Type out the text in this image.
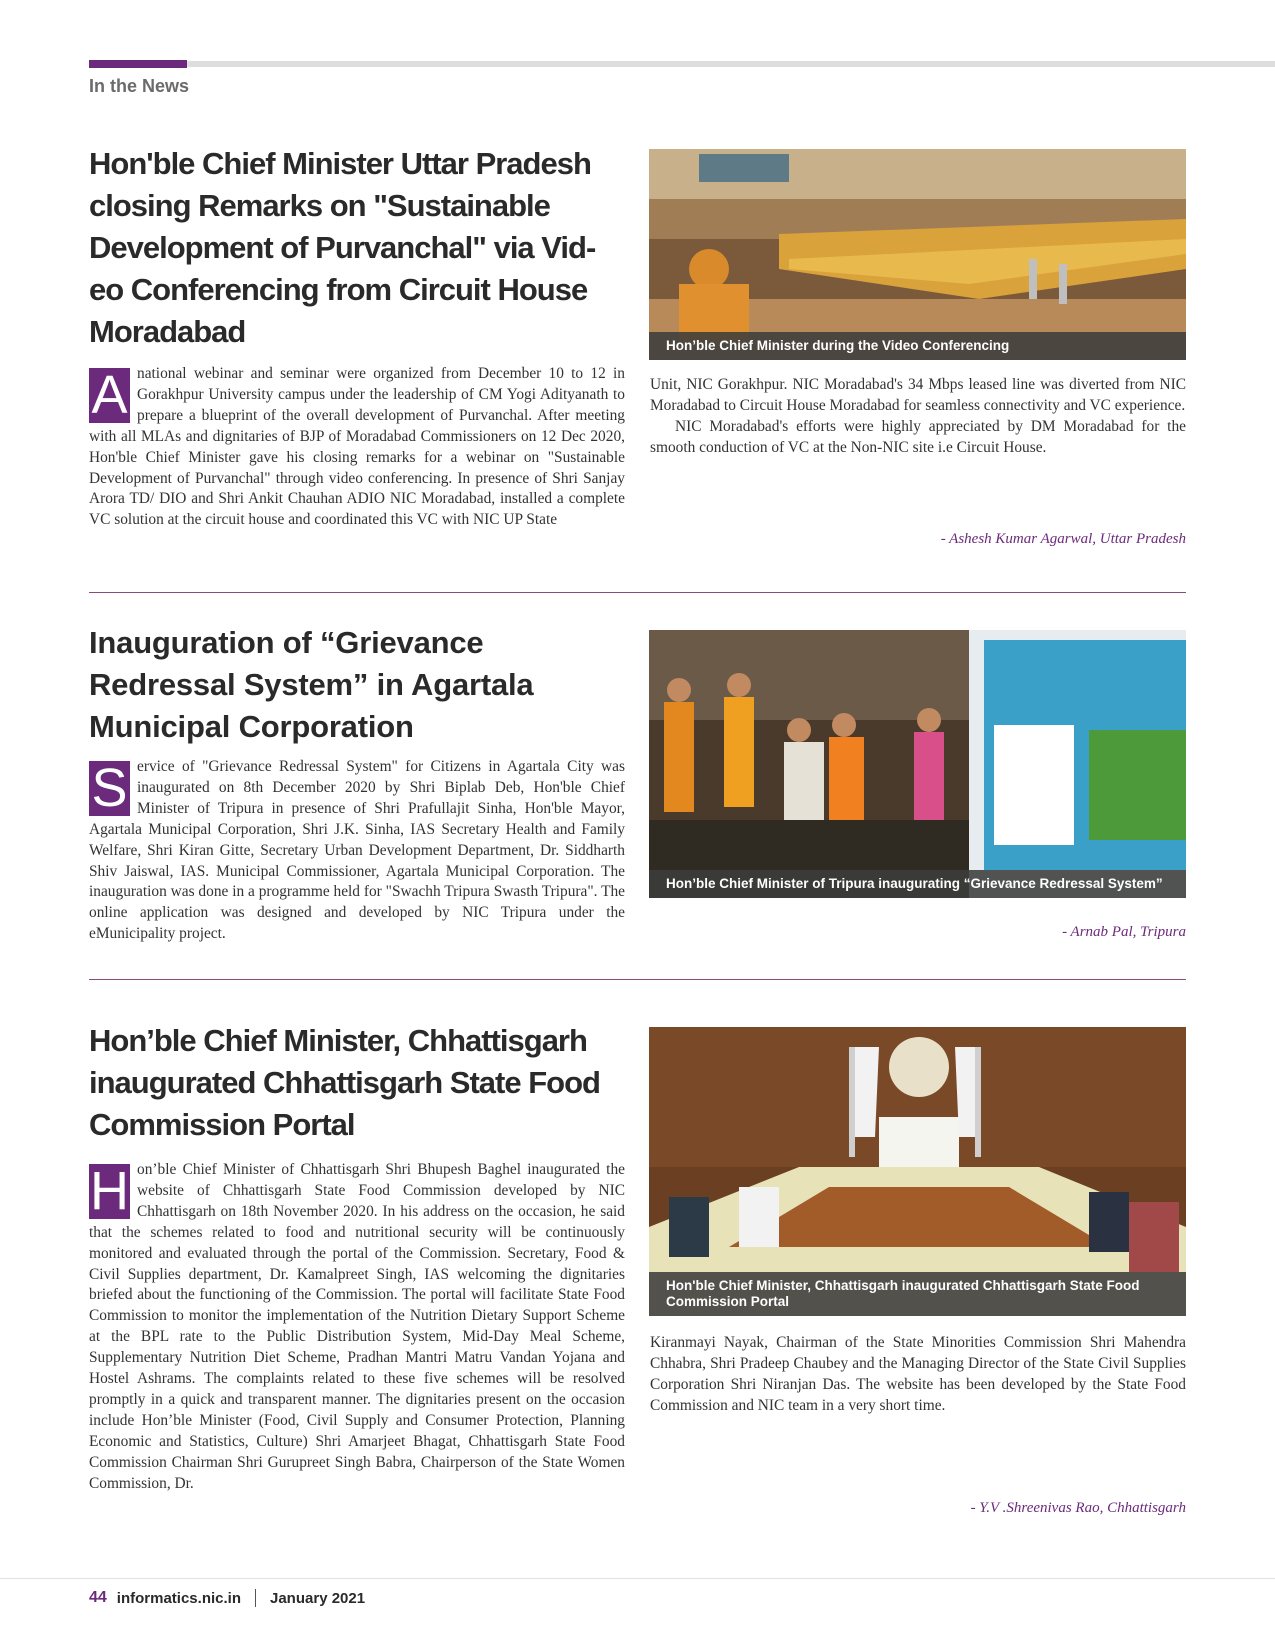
In the News
Hon'ble Chief Minister Uttar Pradesh closing Remarks on "Sustainable Development of Purvanchal" via Vid-eo Conferencing from Circuit House Moradabad	Hon’ble Chief Minister during the Video Conferencing

A national webinar and seminar were organized from December 10 to 12 in Gorakhpur University campus under the leadership of CM Yogi Adityanath to prepare a blueprint of the overall development of Purvanchal. After meeting with all MLAs and dignitaries of BJP of Moradabad Commissioners on 12 Dec 2020, Hon'ble Chief Minister gave his closing remarks for a webinar on "Sustainable Development of Purvanchal" through video conferencing. In presence of Shri Sanjay Arora TD/ DIO and Shri Ankit Chauhan ADIO NIC Moradabad, installed a complete VC solution at the circuit house and coordinated this VC with NIC UP State

Unit, NIC Gorakhpur. NIC Moradabad's 34 Mbps leased line was diverted from NIC Moradabad to Circuit House Moradabad for seamless connectivity and VC experience.

NIC Moradabad's efforts were highly appreciated by DM Moradabad for the smooth conduction of VC at the Non-NIC site i.e Circuit House.

- Ashesh Kumar Agarwal, Uttar Pradesh
Inauguration of “Grievance Redressal System” in Agartala Municipal Corporation
Hon’ble Chief Minister of Tripura inaugurating “Grievance Redressal System”

S ervice of "Grievance Redressal System" for Citizens in Agartala City was inaugurated on 8th December 2020 by Shri Biplab Deb, Hon'ble Chief Minister of Tripura in presence of Shri Prafullajit Sinha, Hon'ble Mayor, Agartala Municipal Corporation, Shri J.K. Sinha, IAS Secretary Health and Family Welfare, Shri Kiran Gitte, Secretary Urban Development Department, Dr. Siddharth Shiv Jaiswal, IAS. Municipal Commissioner, Agartala Municipal Corporation. The inauguration was done in a programme held for "Swachh Tripura Swasth Tripura". The online application was designed and developed by NIC Tripura under the eMunicipality project.	- Arnab Pal, Tripura
Hon’ble Chief Minister, Chhattisgarh inaugurated Chhattisgarh State Food Commission Portal
Hon'ble Chief Minister, Chhattisgarh inaugurated Chhattisgarh State Food Commission Portal

H on’ble Chief Minister of Chhattisgarh Shri Bhupesh Baghel inaugurated the website of Chhattisgarh State Food Commission developed by NIC Chhattisgarh on 18th November 2020. In his address on the occasion, he said that the schemes related to food and nutritional security will be continuously monitored and evaluated through the portal of the Commission. Secretary, Food & Civil Supplies department, Dr. Kamalpreet Singh, IAS welcoming the dignitaries briefed about the functioning of the Commission. The portal will facilitate State Food Commission to monitor the implementation of the Nutrition Dietary Support Scheme at the BPL rate to the Public Distribution System, Mid-Day Meal Scheme, Supplementary Nutrition Diet Scheme, Pradhan Mantri Matru Vandan Yojana and Hostel Ashrams. The complaints related to these five schemes will be resolved promptly in a quick and transparent manner. The dignitaries present on the occasion include Hon’ble Minister (Food, Civil Supply and Consumer Protection, Planning Economic and Statistics, Culture) Shri Amarjeet Bhagat, Chhattisgarh State Food Commission Chairman Shri Gurupreet Singh Babra, Chairperson of the State Women Commission, Dr.

Kiranmayi Nayak, Chairman of the State Minorities Commission Shri Mahendra Chhabra, Shri Pradeep Chaubey and the Managing Director of the State Civil Supplies Corporation Shri Niranjan Das. The website has been developed by the State Food Commission and NIC team in a very short time.

- Y.V .Shreenivas Rao, Chhattisgarh
44 informatics.nic.in January 2021
